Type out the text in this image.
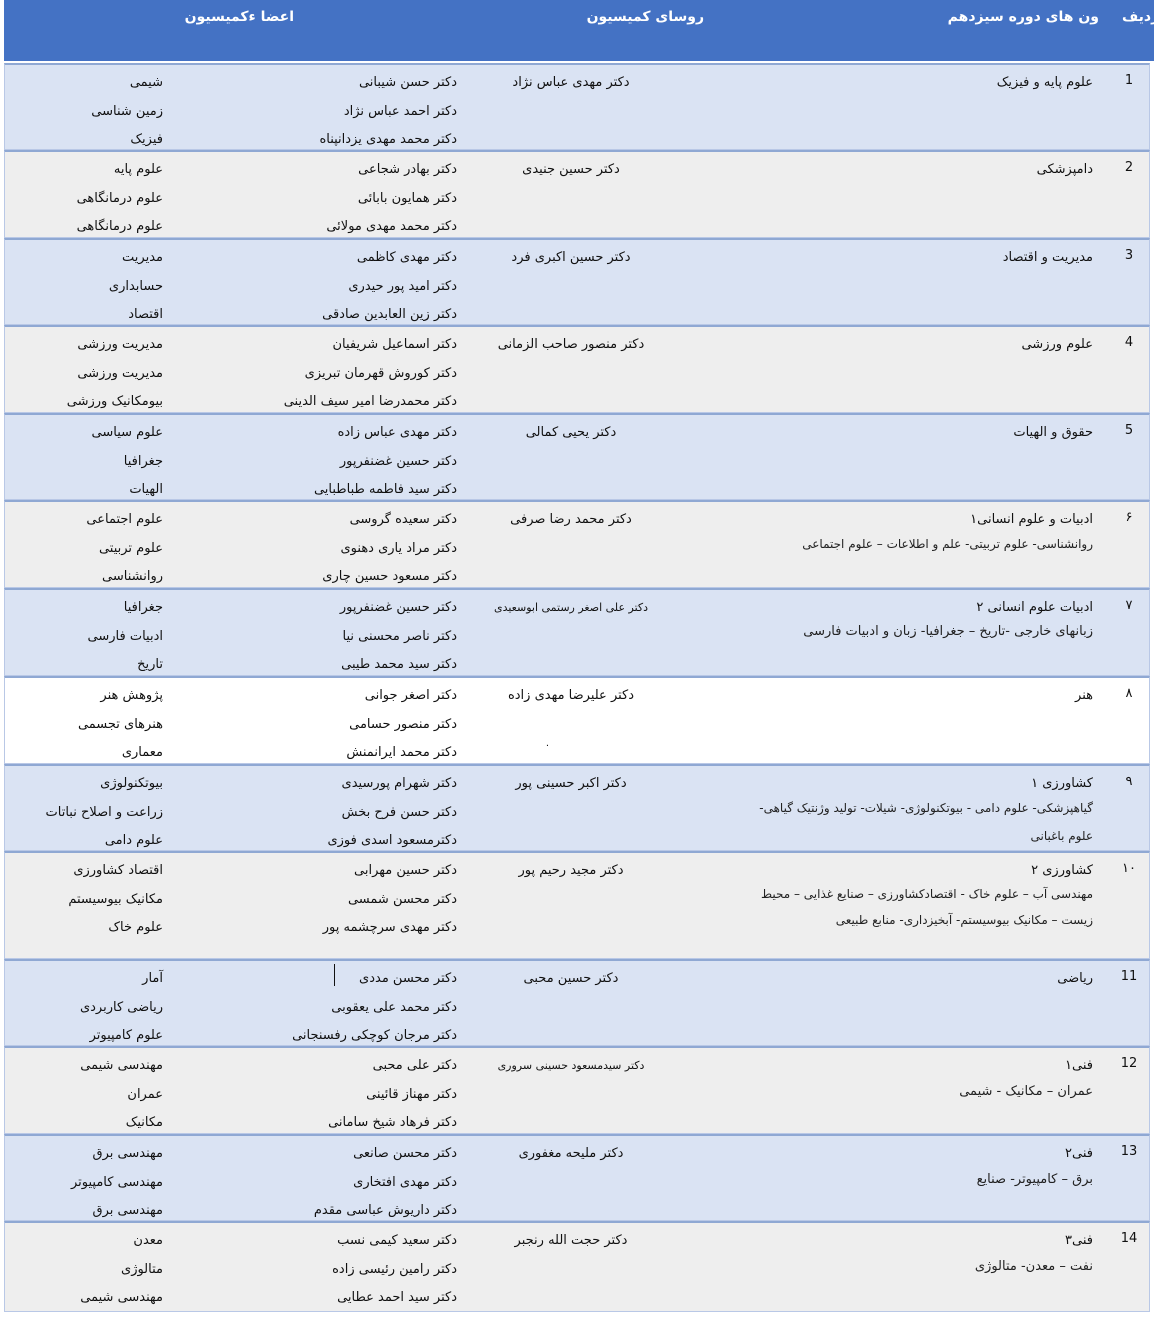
ردیف
ون های دوره سیزدهم
روسای کمیسیون
اعضا ءکمیسیون
1
علوم پایه و فیزیک
دکتر مهدی عباس نژاد
دکتر حسن شیبانی
دکتر احمد عباس نژاد
دکتر محمد مهدی یزدانپناه
شیمی
زمین شناسی
فیزیک
2
دامپزشکی
دکتر حسین جنیدی
دکتر بهادر شجاعی
دکتر همایون بابائی
دکتر محمد مهدی مولائی
علوم پایه
علوم درمانگاهی
علوم درمانگاهی
3
مدیریت و اقتصاد
دکتر حسین اکبری فرد
دکتر مهدی کاظمی
دکتر امید پور حیدری
دکتر زین العابدین صادقی
مدیریت
حسابداری
اقتصاد
4
علوم ورزشی
دکتر منصور صاحب الزمانی
دکتر اسماعیل شریفیان
دکتر کوروش قهرمان تبریزی
دکتر محمدرضا امیر سیف الدینی
مدیریت ورزشی
مدیریت ورزشی
بیومکانیک ورزشی
5
حقوق و الهیات
دکتر یحیی کمالی
دکتر مهدی عباس زاده
دکتر حسین غضنفرپور
دکتر سید فاطمه طباطبایی
علوم سیاسی
جغرافیا
الهیات
۶
ادبیات و علوم انسانی۱
روانشناسی- علوم تربیتی- علم و اطلاعات – علوم اجتماعی
دکتر محمد رضا صرفی
دکتر سعیده گروسی
دکتر مراد یاری دهنوی
دکتر مسعود حسین چاری
علوم اجتماعی
علوم تربیتی
روانشناسی
۷
ادبیات علوم انسانی ۲
زبانهای خارجی -تاریخ – جغرافیا- زبان و ادبیات فارسی
دکتر علی اصغر رستمی ابوسعیدی
دکتر حسین غضنفرپور
دکتر ناصر محسنی نیا
دکتر سید محمد طیبی
جغرافیا
ادبیات فارسی
تاریخ
۸
هنر
دکتر علیرضا مهدی زاده
.
دکتر اصغر جوانی
دکتر منصور حسامی
دکتر محمد ایرانمنش
پژوهش هنر
هنرهای تجسمی
معماری
۹
کشاورزی ۱
گیاهپزشکی- علوم دامی - بیوتکنولوژی- شیلات- تولید وژنتیک گیاهی- علوم باغبانی
دکتر اکبر حسینی پور
دکتر شهرام پورسیدی
دکتر حسن فرح بخش
دکترمسعود اسدی فوزی
بیوتکنولوژی
زراعت و اصلاح نباتات
علوم دامی
۱۰
کشاورزی ۲
مهندسی آب – علوم خاک - اقتصادکشاورزی – صنایع غذایی – محیط زیست – مکانیک بیوسیستم- آبخیزداری- منابع طبیعی
دکتر مجید رحیم پور
دکتر حسین مهرابی
دکتر محسن شمسی
دکتر مهدی سرچشمه پور
اقتصاد کشاورزی
مکانیک بیوسیستم
علوم خاک
11
ریاضی
دکتر حسین محبی
دکتر محسن مددی
دکتر محمد علی یعقوبی
دکتر مرجان کوچکی رفسنجانی
آمار
ریاضی کاربردی
علوم کامپیوتر
12
فنی۱
عمران – مکانیک - شیمی
دکتر سیدمسعود حسینی سروری
دکتر علی محبی
دکتر مهناز قائینی
دکتر فرهاد شیخ سامانی
مهندسی شیمی
عمران
مکانیک
13
فنی۲
برق – کامپیوتر- صنایع
دکتر ملیحه مغفوری
دکتر محسن صانعی
دکتر مهدی افتخاری
دکتر داریوش عباسی مقدم
مهندسی برق
مهندسی کامپیوتر
مهندسی برق
14
فنی۳
نفت – معدن- متالوژی
دکتر حجت الله رنجبر
دکتر سعید کیمی نسب
دکتر رامین رئیسی زاده
دکتر سید احمد عطایی
معدن
متالوژی
مهندسی شیمی
